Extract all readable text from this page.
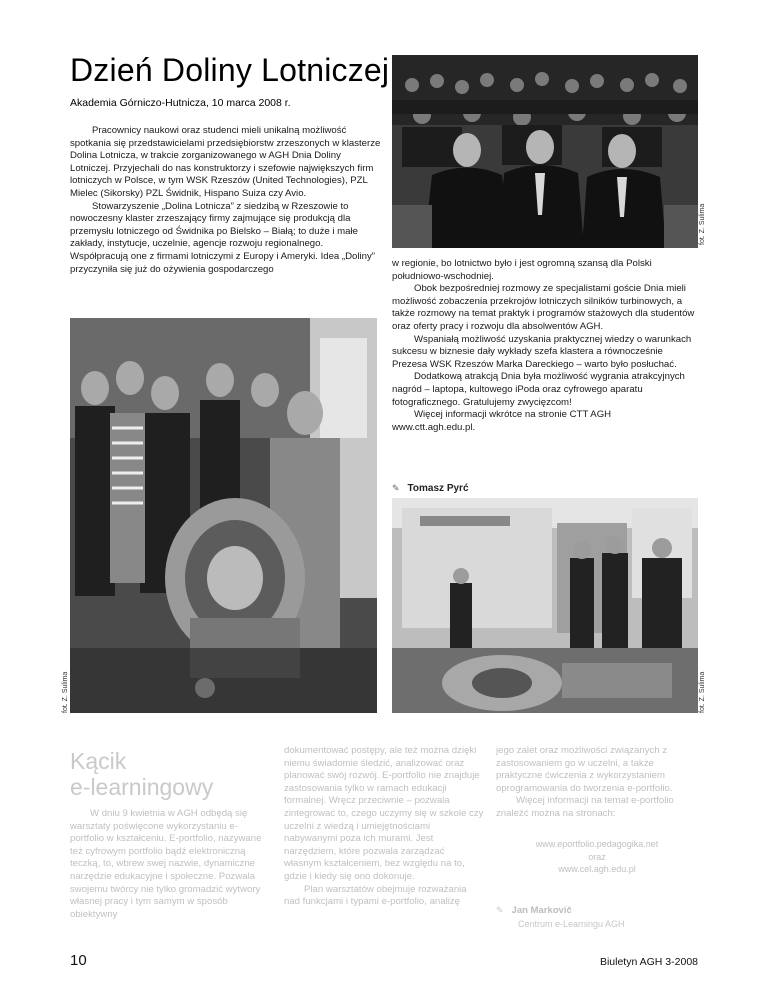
Dzień Doliny Lotniczej
Akademia Górniczo-Hutnicza, 10 marca 2008 r.

Pracownicy naukowi oraz studenci mieli unikalną możliwość spotkania się przedstawicielami przedsiębiorstw zrzeszonych w klasterze Dolina Lotnicza, w trakcie zorganizowanego w AGH Dnia Doliny Lotniczej. Przyjechali do nas konstruktorzy i szefowie największych firm lotniczych w Polsce, w tym WSK Rzeszów (United Technologies), PZL Mielec (Sikorsky) PZL Świdnik, Hispano Suiza czy Avio.

Stowarzyszenie „Dolina Lotnicza” z siedzibą w Rzeszowie to nowoczesny klaster zrzeszający firmy zajmujące się produkcją dla przemysłu lotniczego od Świdnika po Bielsko – Białą; to duże i małe zakłady, instytucje, uczelnie, agencje rozwoju regionalnego. Współpracują one z firmami lotniczymi z Europy i Ameryki. Idea „Doliny” przyczyniła się już do ożywienia gospodarczego

fot. Z. Sulima

w regionie, bo lotnictwo było i jest ogromną szansą dla Polski południowo-wschodniej.

Obok bezpośredniej rozmowy ze specjalistami goście Dnia mieli możliwość zobaczenia przekrojów lotniczych silników turbinowych, a także rozmowy na temat praktyk i programów stażowych dla studentów oraz oferty pracy i rozwoju dla absolwentów AGH.

Wspaniałą możliwość uzyskania praktycznej wiedzy o warunkach sukcesu w biznesie dały wykłady szefa klastera a równocześnie Prezesa WSK Rzeszów Marka Dareckiego – warto było posłuchać.

Dodatkową atrakcją Dnia była możliwość wygrania atrakcyjnych nagród – laptopa, kultowego iPoda oraz cyfrowego aparatu fotograficznego. Gratulujemy zwycięzcom!

Więcej informacji wkrótce na stronie CTT AGH www.ctt.agh.edu.pl.

✎ Tomasz Pyrć
fot. Z. Sulima	fot. Z. Sulima
Kącik
e-learningowy

W dniu 9 kwietnia w AGH odbędą się warsztaty poświęcone wykorzystaniu e-portfolio w kształceniu. E-portfolio, nazywane też cyfrowym portfolio bądź elektroniczną teczką, to, wbrew swej nazwie, dynamiczne narzędzie edukacyjne i społeczne. Pozwala swojemu twórcy nie tylko gromadzić wytwory własnej pracy i tym samym w sposób obiektywny

dokumentować postępy, ale też można dzięki niemu świadomie śledzić, analizować oraz planować swój rozwój. E-portfolio nie znajduje zastosowania tylko w ramach edukacji formalnej. Wręcz przeciwnie – pozwala zintegrować to, czego uczymy się w szkole czy uczelni z wiedzą i umiejętnościami nabywanymi poza ich murami. Jest narzędziem, które pozwala zarządzać własnym kształceniem, bez względu na to, gdzie i kiedy się ono dokonuje.

Plan warsztatów obejmuje rozważania nad funkcjami i typami e-portfolio, analizę

jego zalet oraz możliwości związanych z zastosowaniem go w uczelni, a także praktyczne ćwiczenia z wykorzystaniem oprogramowania do tworzenia e-portfolio.

Więcej informacji na temat e-portfolio znaleźć można na stronach:

www.eportfolio.pedagogika.net
oraz
www.cel.agh.edu.pl
✎ Jan Markovič
Centrum e-Learningu AGH
10	Biuletyn AGH 3-2008
